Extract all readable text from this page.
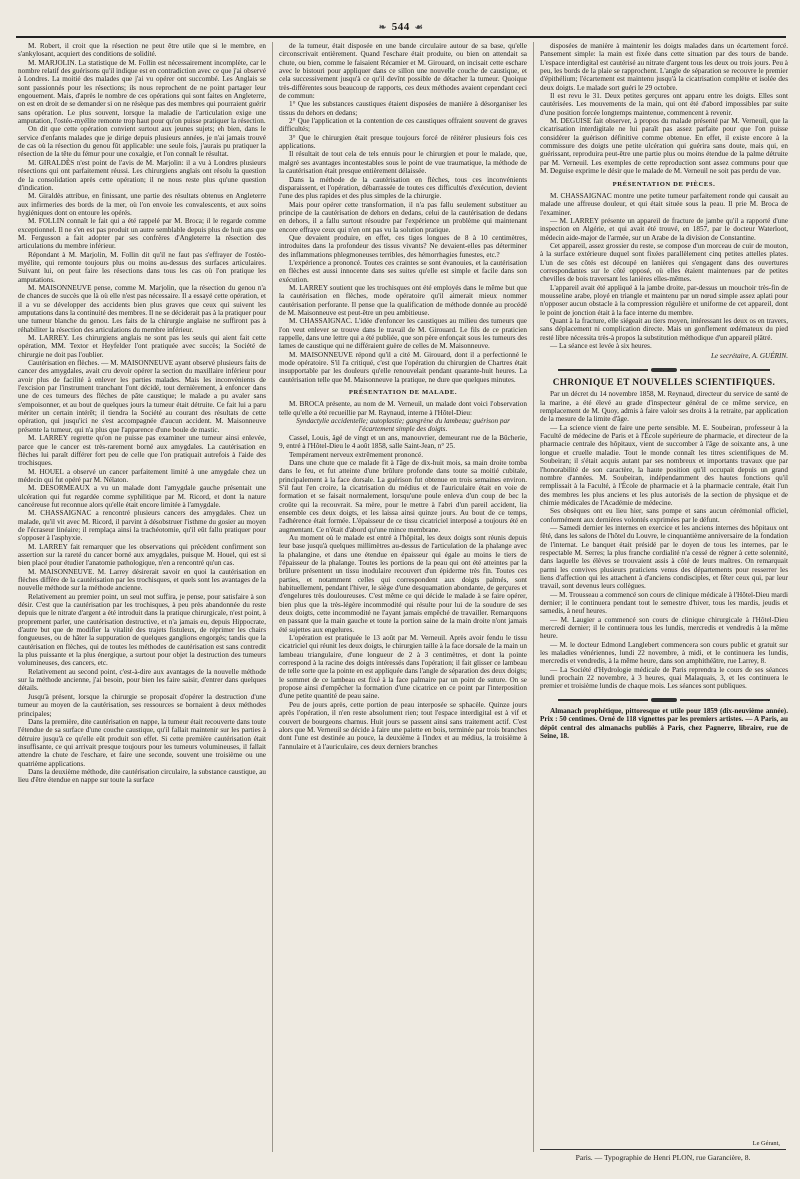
❧ 544 ☙

M. Robert, il croit que la résection ne peut être utile que si le membre, en s'ankylosant, acquiert des conditions de solidité.

M. MARJOLIN. La statistique de M. Follin est nécessairement incomplète, car le nombre relatif des guérisons qu'il indique est en contradiction avec ce que j'ai observé à Londres. La moitié des malades que j'ai vu opérer ont succombé. Les Anglais se sont passionnés pour les résections; ils nous reprochent de ne point partager leur engouement. Mais, d'après le nombre de ces opérations qui sont faites en Angleterre, on est en droit de se demander si on ne résèque pas des membres qui pourraient guérir sans opération. Le plus souvent, lorsque la maladie de l'articulation exige une amputation, l'ostéo-myélite remonte trop haut pour qu'on puisse pratiquer la résection.

On dit que cette opération convient surtout aux jeunes sujets; eh bien, dans le service d'enfants malades que je dirige depuis plusieurs années, je n'ai jamais trouvé de cas où la résection du genou fût applicable: une seule fois, j'aurais pu pratiquer la résection de la tête du fémur pour une coxalgie, et l'on connaît le résultat.

M. GIRALDÈS n'est point de l'avis de M. Marjolin: il a vu à Londres plusieurs résections qui ont parfaitement réussi. Les chirurgiens anglais ont résolu la question de la consolidation après cette opération; il ne nous reste plus qu'une question d'indication.

M. Giraldès attribue, en finissant, une partie des résultats obtenus en Angleterre aux infirmeries des bords de la mer, où l'on envoie les convalescents, et aux soins hygiéniques dont on entoure les opérés.

M. FOLLIN connaît le fait qui a été rappelé par M. Broca; il le regarde comme exceptionnel. Il ne s'en est pas produit un autre semblable depuis plus de huit ans que M. Fergusson a fait adopter par ses confrères d'Angleterre la résection des articulations du membre inférieur.

Répondant à M. Marjolin, M. Follin dit qu'il ne faut pas s'effrayer de l'ostéo-myélite, qui remonte toujours plus ou moins au-dessus des surfaces articulaires. Suivant lui, on peut faire les résections dans tous les cas où l'on pratique les amputations.

M. MAISONNEUVE pense, comme M. Marjolin, que la résection du genou n'a de chances de succès que là où elle n'est pas nécessaire. Il a essayé cette opération, et il a vu se développer des accidents bien plus graves que ceux qui suivent les amputations dans la continuité des membres. Il ne se déciderait pas à la pratiquer pour une tumeur blanche du genou. Les faits de la chirurgie anglaise ne suffiront pas à réhabiliter la résection des articulations du membre inférieur.

M. LARREY. Les chirurgiens anglais ne sont pas les seuls qui aient fait cette opération, MM. Textor et Heyfelder l'ont pratiquée avec succès; la Société de chirurgie ne doit pas l'oublier.

Cautérisation en flèches. — M. MAISONNEUVE ayant observé plusieurs faits de cancer des amygdales, avait cru devoir opérer la section du maxillaire inférieur pour avoir plus de facilité à enlever les parties malades. Mais les inconvénients de l'excision par l'instrument tranchant l'ont décidé, tout dernièrement, à enfoncer dans une de ces tumeurs des flèches de pâte caustique; le malade a pu avaler sans s'empoisonner, et au bout de quelques jours la tumeur était détruite. Ce fait lui a paru mériter un certain intérêt; il tiendra la Société au courant des résultats de cette opération, qui jusqu'ici ne s'est accompagnée d'aucun accident. M. Maisonneuve présente la tumeur, qui n'a plus que l'apparence d'une boule de mastic.

M. LARREY regrette qu'on ne puisse pas examiner une tumeur ainsi enlevée, parce que le cancer est très-rarement borné aux amygdales. La cautérisation en flèches lui paraît différer fort peu de celle que l'on pratiquait autrefois à l'aide des trochisques.

M. HOUEL a observé un cancer parfaitement limité à une amygdale chez un médecin qui fut opéré par M. Nélaton.

M. DESORMEAUX a vu un malade dont l'amygdale gauche présentait une ulcération qui fut regardée comme syphilitique par M. Ricord, et dont la nature cancéreuse fut reconnue alors qu'elle était encore limitée à l'amygdale.

M. CHASSAIGNAC a rencontré plusieurs cancers des amygdales. Chez un malade, qu'il vit avec M. Ricord, il parvint à désobstruer l'isthme du gosier au moyen de l'écraseur linéaire; il remplaça ainsi la trachéotomie, qu'il eût fallu pratiquer pour s'opposer à l'asphyxie.

M. LARREY fait remarquer que les observations qui précèdent confirment son assertion sur la rareté du cancer borné aux amygdales, puisque M. Houel, qui est si bien placé pour étudier l'anatomie pathologique, n'en a rencontré qu'un cas.

M. MAISONNEUVE. M. Larrey désirerait savoir en quoi la cautérisation en flèches diffère de la cautérisation par les trochisques, et quels sont les avantages de la nouvelle méthode sur la méthode ancienne.

Relativement au premier point, un seul mot suffira, je pense, pour satisfaire à son désir. C'est que la cautérisation par les trochisques, à peu près abandonnée du reste depuis que le nitrate d'argent a été introduit dans la pratique chirurgicale, n'est point, à proprement parler, une cautérisation destructive, et n'a jamais eu, depuis Hippocrate, d'autre but que de modifier la vitalité des trajets fistuleux, de réprimer les chairs fongueuses, ou de hâter la suppuration de quelques ganglions engorgés; tandis que la cautérisation en flèches, qui de toutes les méthodes de cautérisation est sans contredit la plus puissante et la plus énergique, a surtout pour objet la destruction des tumeurs volumineuses, des cancers, etc.

Relativement au second point, c'est-à-dire aux avantages de la nouvelle méthode sur la méthode ancienne, j'ai besoin, pour bien les faire saisir, d'entrer dans quelques détails.

Jusqu'à présent, lorsque la chirurgie se proposait d'opérer la destruction d'une tumeur au moyen de la cautérisation, ses ressources se bornaient à deux méthodes principales;

Dans la première, dite cautérisation en nappe, la tumeur était recouverte dans toute l'étendue de sa surface d'une couche caustique, qu'il fallait maintenir sur les parties à détruire jusqu'à ce qu'elle eût produit son effet. Si cette première cautérisation était insuffisante, ce qui arrivait presque toujours pour les tumeurs volumineuses, il fallait attendre la chute de l'eschare, et faire une seconde, souvent une troisième ou une quatrième applications.

Dans la deuxième méthode, dite cautérisation circulaire, la substance caustique, au lieu d'être étendue en nappe sur toute la surface

de la tumeur, était disposée en une bande circulaire autour de sa base, qu'elle circonscrivait entièrement. Quand l'eschare était produite, ou bien on attendait sa chute, ou bien, comme le faisaient Récamier et M. Girouard, on incisait cette eschare avec le bistouri pour appliquer dans ce sillon une nouvelle couche de caustique, et cela successivement jusqu'à ce qu'il devînt possible de détacher la tumeur. Quoique très-différentes sous beaucoup de rapports, ces deux méthodes avaient cependant ceci de commun:

1° Que les substances caustiques étaient disposées de manière à désorganiser les tissus du dehors en dedans;

2° Que l'application et la contention de ces caustiques offraient souvent de graves difficultés;

3° Que le chirurgien était presque toujours forcé de réitérer plusieurs fois ces applications.

Il résultait de tout cela de tels ennuis pour le chirurgien et pour le malade, que, malgré ses avantages incontestables sous le point de vue traumatique, la méthode de la cautérisation était presque entièrement délaissée.

Dans la méthode de la cautérisation en flèches, tous ces inconvénients disparaissent, et l'opération, débarrassée de toutes ces difficultés d'exécution, devient l'une des plus rapides et des plus simples de la chirurgie.

Mais pour opérer cette transformation, il n'a pas fallu seulement substituer au principe de la cautérisation de dehors en dedans, celui de la cautérisation de dedans en dehors, il a fallu surtout résoudre par l'expérience un problème qui maintenant encore effraye ceux qui n'en ont pas vu la solution pratique.

Que devaient produire, en effet, ces tiges longues de 8 à 10 centimètres, introduites dans la profondeur des tissus vivants? Ne devaient-elles pas déterminer des inflammations phlegmoneuses terribles, des hémorrhagies funestes, etc.?

L'expérience a prononcé. Toutes ces craintes se sont évanouies, et la cautérisation en flèches est aussi innocente dans ses suites qu'elle est simple et facile dans son exécution.

M. LARREY soutient que les trochisques ont été employés dans le même but que la cautérisation en flèches, mode opératoire qu'il aimerait mieux nommer cautérisation perforante. Il pense que la qualification de méthode donnée au procédé de M. Maisonneuve est peut-être un peu ambitieuse.

M. CHASSAIGNAC. L'idée d'enfoncer les caustiques au milieu des tumeurs que l'on veut enlever se trouve dans le travail de M. Girouard. Le fils de ce praticien rappelle, dans une lettre qui a été publiée, que son père enfonçait sous les tumeurs des lames de caustique qui ne différaient guère de celles de M. Maisonneuve.

M. MAISONNEUVE répond qu'il a cité M. Girouard, dont il a perfectionné le mode opératoire. S'il l'a critiqué, c'est que l'opération du chirurgien de Chartres était insupportable par les douleurs qu'elle renouvelait pendant quarante-huit heures. La cautérisation telle que M. Maisonneuve la pratique, ne dure que quelques minutes.

PRÉSENTATION DE MALADE.

M. BROCA présente, au nom de M. Verneuil, un malade dont voici l'observation telle qu'elle a été recueillie par M. Raynaud, interne à l'Hôtel-Dieu:

Syndactylie accidentelle; autoplastie; gangrène du lambeau; guérison par l'écartement simple des doigts.

Cassel, Louis, âgé de vingt et un ans, manouvrier, demeurant rue de la Bûcherie, 9, entré à l'Hôtel-Dieu le 4 août 1858, salle Saint-Jean, n° 25.

Tempérament nerveux extrêmement prononcé.

Dans une chute que ce malade fit à l'âge de dix-huit mois, sa main droite tomba dans le feu, et fut atteinte d'une brûlure profonde dans toute sa moitié cubitale, principalement à la face dorsale. La guérison fut obtenue en trois semaines environ. S'il faut l'en croire, la cicatrisation du médius et de l'auriculaire était en voie de formation et se faisait normalement, lorsqu'une poule enleva d'un coup de bec la croûte qui la recouvrait. Sa mère, pour le mettre à l'abri d'un pareil accident, lia ensemble ces deux doigts, et les laissa ainsi quinze jours. Au bout de ce temps, l'adhérence était formée. L'épaisseur de ce tissu cicatriciel interposé a toujours été en augmentant. Ce n'était d'abord qu'une mince membrane.

Au moment où le malade est entré à l'hôpital, les deux doigts sont réunis depuis leur base jusqu'à quelques millimètres au-dessus de l'articulation de la phalange avec la phalangine, et dans une étendue en épaisseur qui égale au moins le tiers de l'épaisseur de la phalange. Toutes les portions de la peau qui ont été atteintes par la brûlure présentent un tissu inodulaire recouvert d'un épiderme très fin. Toutes ces parties, et notamment celles qui correspondent aux doigts palmés, sont habituellement, pendant l'hiver, le siège d'une desquamation abondante, de gerçures et d'engelures très douloureuses. C'est même ce qui décide le malade à se faire opérer, bien plus que la très-légère incommodité qui résulte pour lui de la soudure de ses deux doigts, cette incommodité ne l'ayant jamais empêché de travailler. Remarquons en passant que la main gauche et toute la portion saine de la main droite n'ont jamais été sujettes aux engelures.

L'opération est pratiquée le 13 août par M. Verneuil. Après avoir fendu le tissu cicatriciel qui réunit les deux doigts, le chirurgien taille à la face dorsale de la main un lambeau triangulaire, d'une longueur de 2 à 3 centimètres, et dont la pointe correspond à la racine des doigts intéressés dans l'opération; il fait glisser ce lambeau de telle sorte que la pointe en est appliquée dans l'angle de séparation des deux doigts; le sommet de ce lambeau est fixé à la face palmaire par un point de suture. On se propose ainsi d'empêcher la formation d'une cicatrice en ce point par l'interposition d'une petite quantité de peau saine.

Peu de jours après, cette portion de peau interposée se sphacèle. Quinze jours après l'opération, il n'en reste absolument rien; tout l'espace interdigital est à vif et couvert de bourgeons charnus. Huit jours se passent ainsi sans traitement actif. C'est alors que M. Verneuil se décide à faire une palette en bois, terminée par trois branches dont l'une est destinée au pouce, la deuxième à l'index et au médius, la troisième à l'annulaire et à l'auriculaire, ces deux derniers branches

disposées de manière à maintenir les doigts malades dans un écartement forcé. Pansement simple: la main est fixée dans cette situation par des tours de bande. L'espace interdigital est cautérisé au nitrate d'argent tous les deux ou trois jours. Peu à peu, les bords de la plaie se rapprochent. L'angle de séparation se recouvre le premier d'épithélium; l'écartement est maintenu jusqu'à la cicatrisation complète et isolée des deux doigts. Le malade sort guéri le 29 octobre.

Il est revu le 31. Deux petites gerçures ont apparu entre les doigts. Elles sont cautérisées. Les mouvements de la main, qui ont été d'abord impossibles par suite d'une position forcée longtemps maintenue, commencent à revenir.

M. DEGUISE fait observer, à propos du malade présenté par M. Verneuil, que la cicatrisation interdigitale ne lui paraît pas assez parfaite pour que l'on puisse considérer la guérison définitive comme obtenue. En effet, il existe encore à la commissure des doigts une petite ulcération qui guérira sans doute, mais qui, en guérissant, reproduira peut-être une partie plus ou moins étendue de la palme détruite par M. Verneuil. Les exemples de cette reproduction sont assez communs pour que M. Deguise exprime le désir que le malade de M. Verneuil ne soit pas perdu de vue.

PRÉSENTATION DE PIÈCES.

M. CHASSAIGNAC montre une petite tumeur parfaitement ronde qui causait au malade une affreuse douleur, et qui était située sous la peau. Il prie M. Broca de l'examiner.

— M. LARREY présente un appareil de fracture de jambe qu'il a rapporté d'une inspection en Algérie, et qui avait été trouvé, en 1857, par le docteur Waterloot, médecin aide-major de l'armée, sur un Arabe de la division de Constantine.

Cet appareil, assez grossier du reste, se compose d'un morceau de cuir de mouton, à la surface extérieure duquel sont fixées parallèlement cinq petites attelles plates. L'un de ses côtés est découpé en lanières qui s'engagent dans des ouvertures correspondantes sur le côté opposé, où elles étaient maintenues par de petites chevilles de bois traversant les lanières elles-mêmes.

L'appareil avait été appliqué à la jambe droite, par-dessus un mouchoir très-fin de mousseline arabe, ployé en triangle et maintenu par un nœud simple assez aplati pour n'opposer aucun obstacle à la compression régulière et uniforme de cet appareil, dont le point de jonction était à la face interne du membre.

Quant à la fracture, elle siégeait au tiers moyen, intéressant les deux os en travers, sans déplacement ni complication directe. Mais un gonflement œdémateux du pied resté libre nécessita très-à propos la substitution méthodique d'un appareil plâtré.

— La séance est levée à six heures.

Le secrétaire, A. GUÉRIN.

CHRONIQUE ET NOUVELLES SCIENTIFIQUES.

Par un décret du 14 novembre 1858, M. Reynaud, directeur du service de santé de la marine, a été élevé au grade d'inspecteur général de ce même service, en remplacement de M. Quoy, admis à faire valoir ses droits à la retraite, par application de la mesure de la limite d'âge.

— La science vient de faire une perte sensible. M. E. Soubeiran, professeur à la Faculté de médecine de Paris et à l'École supérieure de pharmacie, et directeur de la pharmacie centrale des hôpitaux, vient de succomber à l'âge de soixante ans, à une longue et cruelle maladie. Tout le monde connaît les titres scientifiques de M. Soubeiran; il s'était acquis autant par ses nombreux et importants travaux que par l'honorabilité de son caractère, la haute position qu'il occupait depuis un grand nombre d'années. M. Soubeiran, indépendamment des hautes fonctions qu'il remplissait à la Faculté, à l'École de pharmacie et à la pharmacie centrale, était l'un des membres les plus anciens et les plus autorisés de la section de physique et de chimie médicales de l'Académie de médecine.

Ses obsèques ont eu lieu hier, sans pompe et sans aucun cérémonial officiel, conformément aux dernières volontés exprimées par le défunt.

— Samedi dernier les internes en exercice et les anciens internes des hôpitaux ont fêté, dans les salons de l'hôtel du Louvre, le cinquantième anniversaire de la fondation de l'internat. Le banquet était présidé par le doyen de tous les internes, par le respectable M. Serres; la plus franche cordialité n'a cessé de régner à cette solennité, dans laquelle les élèves se trouvaient assis à côté de leurs maîtres. On remarquait parmi les convives plusieurs praticiens venus des départements pour resserrer les liens d'affection qui les attachent à d'anciens condisciples, et fêter ceux qui, par leur travail, sont devenus leurs collègues.

— M. Trousseau a commencé son cours de clinique médicale à l'Hôtel-Dieu mardi dernier; il le continuera pendant tout le semestre d'hiver, tous les mardis, jeudis et samedis, à neuf heures.

— M. Laugier a commencé son cours de clinique chirurgicale à l'Hôtel-Dieu mercredi dernier; il le continuera tous les lundis, mercredis et vendredis à la même heure.

— M. le docteur Edmond Langlebert commencera son cours public et gratuit sur les maladies vénériennes, lundi 22 novembre, à midi, et le continuera les lundis, mercredis et vendredis, à la même heure, dans son amphithéâtre, rue Larrey, 8.

— La Société d'Hydrologie médicale de Paris reprendra le cours de ses séances lundi prochain 22 novembre, à 3 heures, quai Malaquais, 3, et les continuera le premier et troisième lundis de chaque mois. Les séances sont publiques.

Almanach prophétique, pittoresque et utile pour 1859 (dix-neuvième année). Prix : 50 centimes. Orné de 118 vignettes par les premiers artistes. — A Paris, au dépôt central des almanachs publiés à Paris, chez Pagnerre, libraire, rue de Seine, 18.

Le Gérant,
Paris. — Typographie de Henri PLON, rue Garancière, 8.
